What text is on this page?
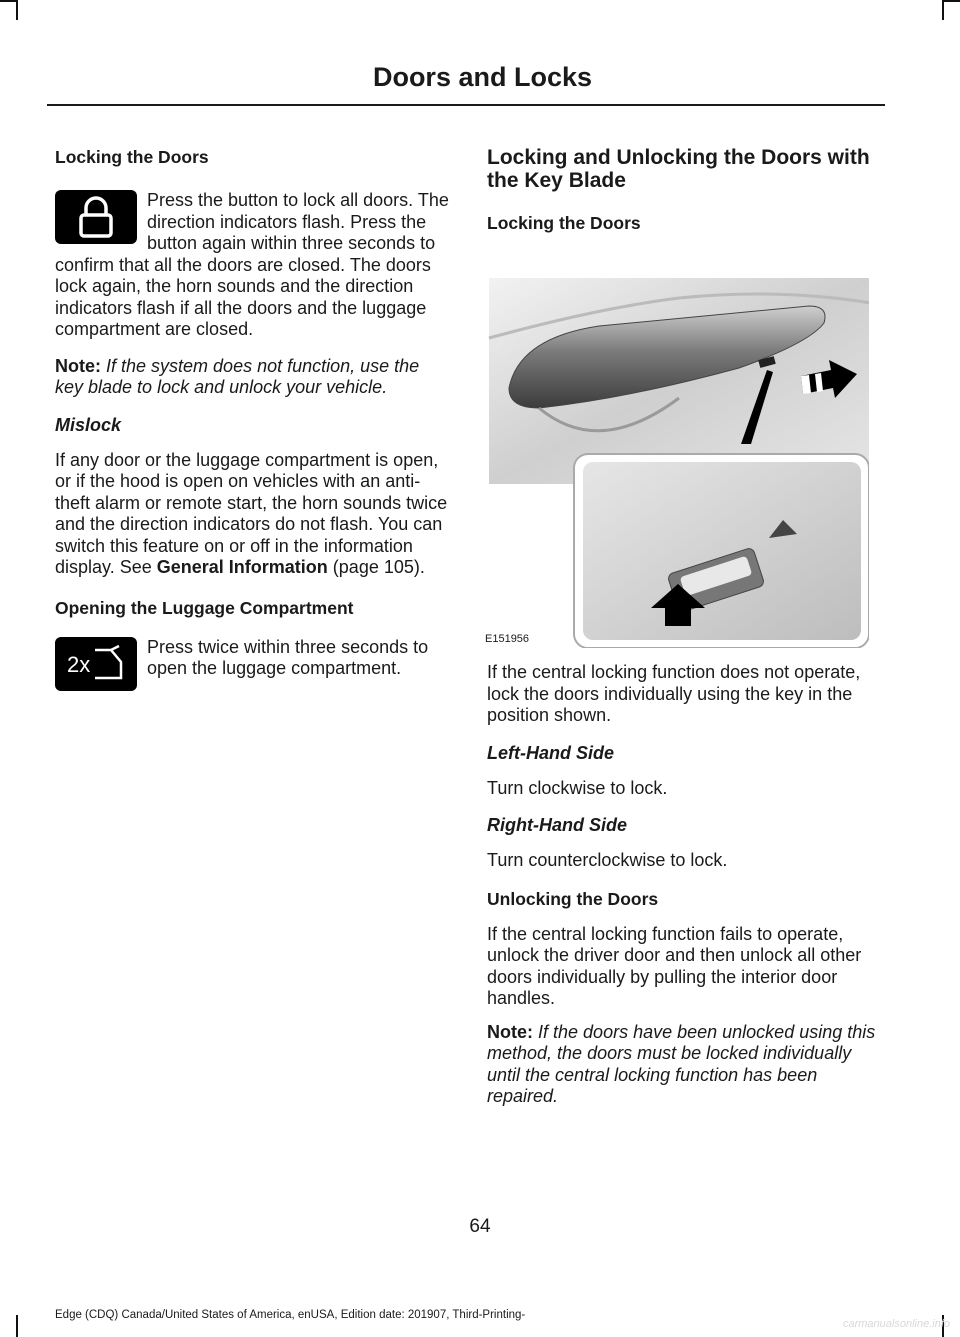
Doors and Locks
Locking the Doors
Press the button to lock all doors. The direction indicators flash. Press the button again within three seconds to confirm that all the doors are closed. The doors lock again, the horn sounds and the direction indicators flash if all the doors and the luggage compartment are closed.
Note: If the system does not function, use the key blade to lock and unlock your vehicle.
Mislock
If any door or the luggage compartment is open, or if the hood is open on vehicles with an anti-theft alarm or remote start, the horn sounds twice and the direction indicators do not flash. You can switch this feature on or off in the information display. See General Information (page 105).
Opening the Luggage Compartment
2x
Press twice within three seconds to open the luggage compartment.
Locking and Unlocking the Doors with the Key Blade
Locking the Doors
E151956
If the central locking function does not operate, lock the doors individually using the key in the position shown.
Left-Hand Side
Turn clockwise to lock.
Right-Hand Side
Turn counterclockwise to lock.
Unlocking the Doors
If the central locking function fails to operate, unlock the driver door and then unlock all other doors individually by pulling the interior door handles.
Note: If the doors have been unlocked using this method, the doors must be locked individually until the central locking function has been repaired.
64
Edge (CDQ) Canada/United States of America, enUSA, Edition date: 201907, Third-Printing-
carmanualsonline.info
